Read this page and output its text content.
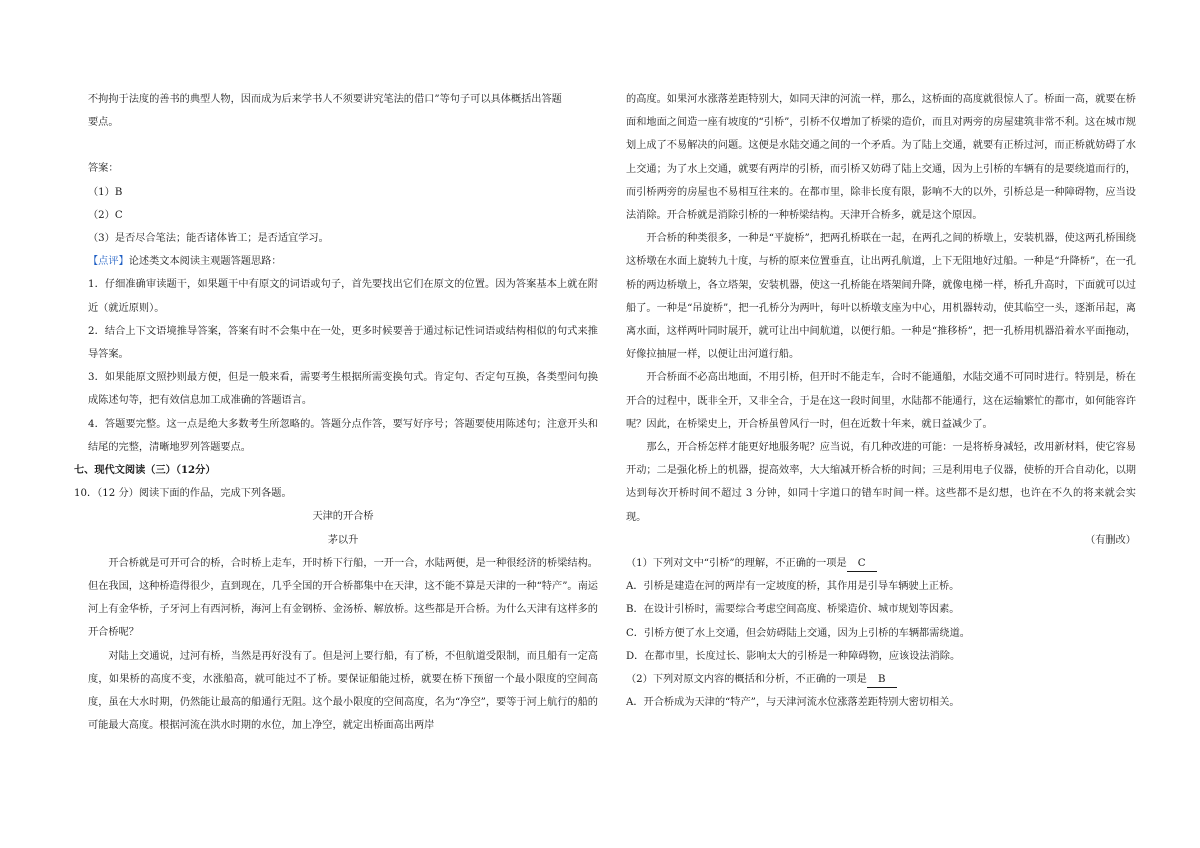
不拘拘于法度的善书的典型人物，因而成为后来学书人不须要讲究笔法的借口”等句子可以具体概括出答题

要点。

答案：

（1）B

（2）C

（3）是否尽合笔法；能否诸体皆工；是否适宜学习。

【点评】论述类文本阅读主观题答题思路：

1．仔细准确审读题干，如果题干中有原文的词语或句子，首先要找出它们在原文的位置。因为答案基本上就在附近（就近原则）。

2．结合上下文语境推导答案，答案有时不会集中在一处，更多时候要善于通过标记性词语或结构相似的句式来推导答案。

3．如果能原文照抄则最方便，但是一般来看，需要考生根据所需变换句式。肯定句、否定句互换，各类型问句换成陈述句等，把有效信息加工成准确的答题语言。

4．答题要完整。这一点是绝大多数考生所忽略的。答题分点作答，要写好序号；答题要使用陈述句；注意开头和结尾的完整，清晰地罗列答题要点。

七、现代文阅读（三）（12分）

10．（12 分）阅读下面的作品，完成下列各题。

天津的开合桥

茅以升

开合桥就是可开可合的桥，合时桥上走车，开时桥下行船，一开一合，水陆两便，是一种很经济的桥梁结构。但在我国，这种桥造得很少，直到现在，几乎全国的开合桥都集中在天津，这不能不算是天津的一种“特产”。南运河上有金华桥，子牙河上有西河桥，海河上有金钢桥、金汤桥、解放桥。这些都是开合桥。为什么天津有这样多的开合桥呢？

对陆上交通说，过河有桥，当然是再好没有了。但是河上要行船，有了桥，不但航道受限制，而且船有一定高度，如果桥的高度不变，水涨船高，就可能过不了桥。要保证船能过桥，就要在桥下预留一个最小限度的空间高度，虽在大水时期，仍然能让最高的船通行无阻。这个最小限度的空间高度，名为“净空”，要等于河上航行的船的可能最大高度。根据河流在洪水时期的水位，加上净空，就定出桥面高出两岸

的高度。如果河水涨落差距特别大，如同天津的河流一样，那么，这桥面的高度就很惊人了。桥面一高，就要在桥面和地面之间造一座有坡度的“引桥”，引桥不仅增加了桥梁的造价，而且对两旁的房屋建筑非常不利。这在城市规划上成了不易解决的问题。这便是水陆交通之间的一个矛盾。为了陆上交通，就要有正桥过河，而正桥就妨碍了水上交通；为了水上交通，就要有两岸的引桥，而引桥又妨碍了陆上交通，因为上引桥的车辆有的是要绕道而行的，而引桥两旁的房屋也不易相互往来的。在都市里，除非长度有限，影响不大的以外，引桥总是一种障碍物，应当设法消除。开合桥就是消除引桥的一种桥梁结构。天津开合桥多，就是这个原因。

开合桥的种类很多，一种是“平旋桥”，把两孔桥联在一起，在两孔之间的桥墩上，安装机器，使这两孔桥围绕这桥墩在水面上旋转九十度，与桥的原来位置垂直，让出两孔航道，上下无阻地好过船。一种是“升降桥”，在一孔桥的两边桥墩上，各立塔架，安装机器，使这一孔桥能在塔架间升降，就像电梯一样，桥孔升高时，下面就可以过船了。一种是“吊旋桥”，把一孔桥分为两叶，每叶以桥墩支座为中心，用机器转动，使其临空一头，逐渐吊起，离离水面，这样两叶同时展开，就可让出中间航道，以便行船。一种是“推移桥”，把一孔桥用机器沿着水平面拖动，好像拉抽屉一样，以便让出河道行船。

开合桥面不必高出地面，不用引桥，但开时不能走车，合时不能通船，水陆交通不可同时进行。特别是，桥在开合的过程中，既非全开，又非全合，于是在这一段时间里，水陆都不能通行，这在运输繁忙的都市，如何能容许呢？因此，在桥梁史上，开合桥虽曾风行一时，但在近数十年来，就日益减少了。

那么，开合桥怎样才能更好地服务呢？应当说，有几种改进的可能：一是将桥身减轻，改用新材料，使它容易开动；二是强化桥上的机器，提高效率，大大缩减开桥合桥的时间；三是利用电子仪器，使桥的开合自动化，以期达到每次开桥时间不超过 3 分钟，如同十字道口的错车时间一样。这些都不是幻想，也许在不久的将来就会实现。

（有删改）

（1）下列对文中“引桥”的理解，不正确的一项是 C

A．引桥是建造在河的两岸有一定坡度的桥，其作用是引导车辆驶上正桥。

B．在设计引桥时，需要综合考虑空间高度、桥梁造价、城市规划等因素。

C．引桥方便了水上交通，但会妨碍陆上交通，因为上引桥的车辆都需绕道。

D．在都市里，长度过长、影响太大的引桥是一种障碍物，应该设法消除。

（2）下列对原文内容的概括和分析，不正确的一项是 B

A．开合桥成为天津的“特产”，与天津河流水位涨落差距特别大密切相关。
